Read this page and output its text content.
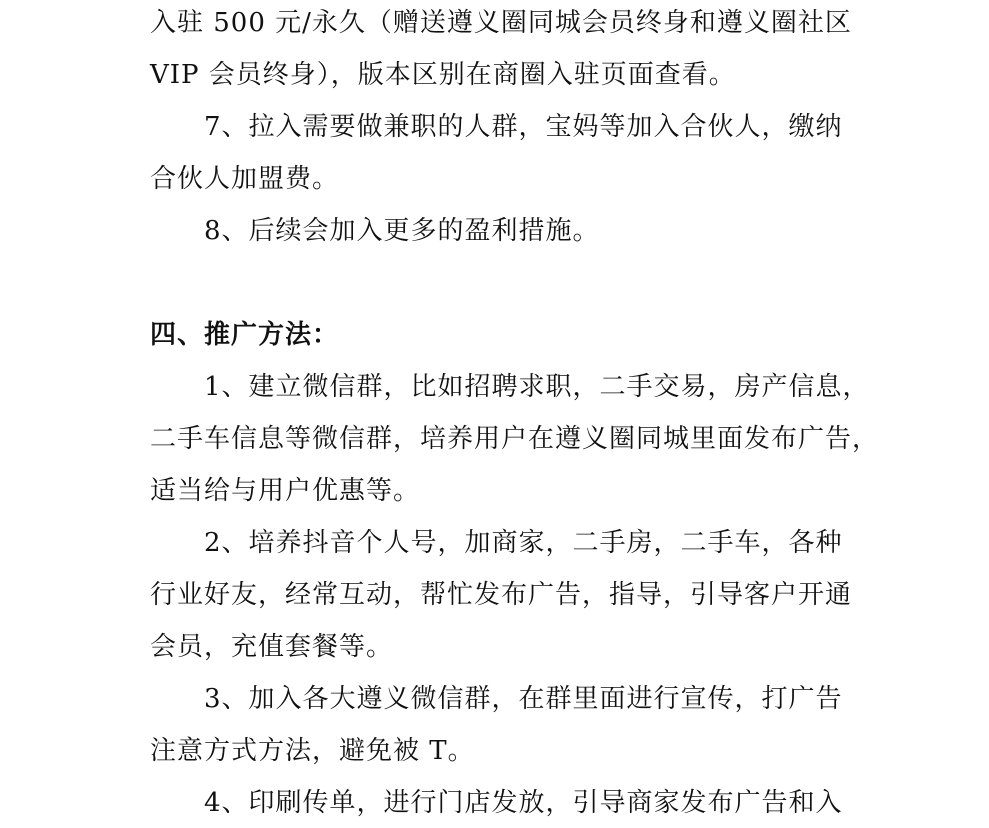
入驻 500 元/永久（赠送遵义圈同城会员终身和遵义圈社区
VIP 会员终身），版本区别在商圈入驻页面查看。
7、拉入需要做兼职的人群，宝妈等加入合伙人，缴纳
合伙人加盟费。
8、后续会加入更多的盈利措施。
四、推广方法：
1、建立微信群，比如招聘求职，二手交易，房产信息，
二手车信息等微信群，培养用户在遵义圈同城里面发布广告，
适当给与用户优惠等。
2、培养抖音个人号，加商家，二手房，二手车，各种
行业好友，经常互动，帮忙发布广告，指导，引导客户开通
会员，充值套餐等。
3、加入各大遵义微信群，在群里面进行宣传，打广告
注意方式方法，避免被 T。
4、印刷传单，进行门店发放，引导商家发布广告和入
